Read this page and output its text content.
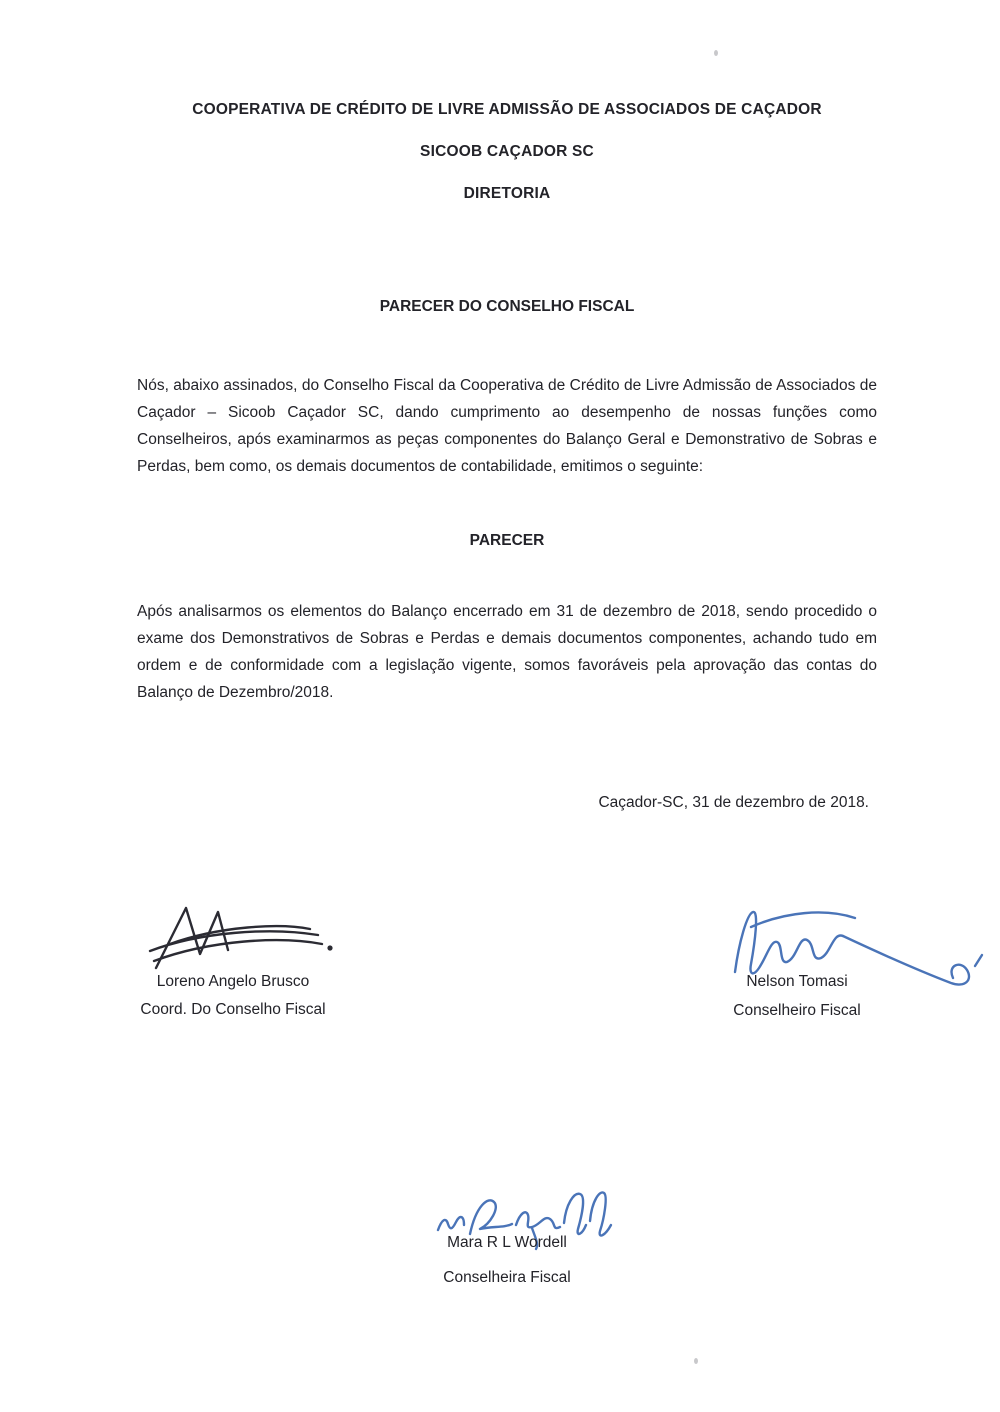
COOPERATIVA DE CRÉDITO DE LIVRE ADMISSÃO DE ASSOCIADOS DE CAÇADOR

SICOOB CAÇADOR SC

DIRETORIA

PARECER DO CONSELHO FISCAL

Nós, abaixo assinados, do Conselho Fiscal da Cooperativa de Crédito de Livre Admissão de Associados de Caçador – Sicoob Caçador SC, dando cumprimento ao desempenho de nossas funções como Conselheiros, após examinarmos as peças componentes do Balanço Geral e Demonstrativo de Sobras e Perdas, bem como, os demais documentos de contabilidade, emitimos o seguinte:

PARECER

Após analisarmos os elementos do Balanço encerrado em 31 de dezembro de 2018, sendo procedido o exame dos Demonstrativos de Sobras e Perdas e demais documentos componentes, achando tudo em ordem e de conformidade com a legislação vigente, somos favoráveis pela aprovação das contas do Balanço de Dezembro/2018.

Caçador-SC, 31 de dezembro de 2018.

Loreno Angelo Brusco
Coord. Do Conselho Fiscal
Nelson Tomasi
Conselheiro Fiscal
Mara R L Wordell
Conselheira Fiscal
